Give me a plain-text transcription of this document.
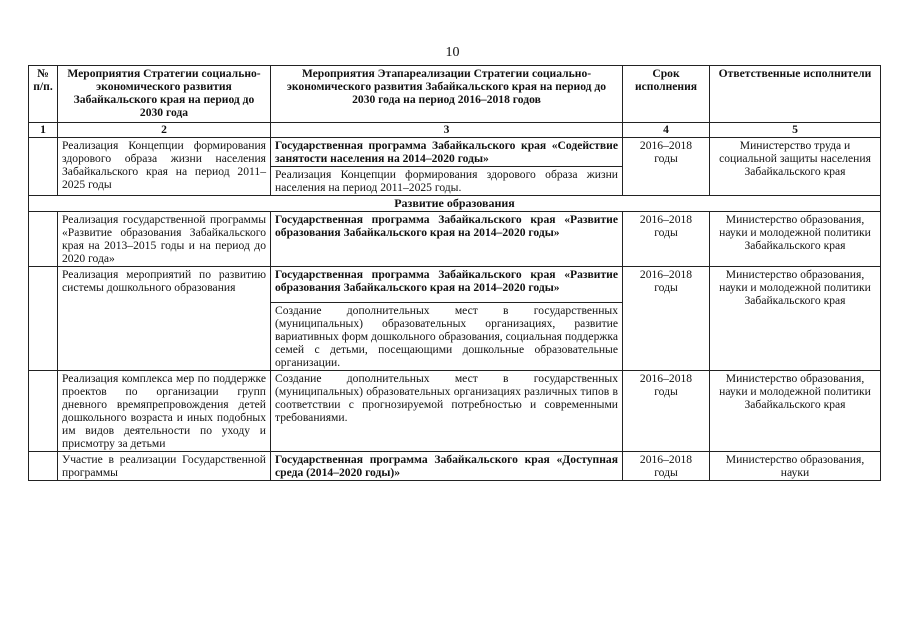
10
№
п/п.	Мероприятия Стратегии социально-экономического развития Забайкальского края на период до 2030 года	Мероприятия Этапареализации Стратегии социально-экономического развития Забайкальского края на период до 2030 года на период 2016–2018 годов	Срок исполнения	Ответственные исполнители
1	2	3	4	5
	Реализация Концепции формирования здорового образа жизни населения Забайкальского края на период 2011–2025 годы	Государственная программа Забайкальского края «Содействие занятости населения на 2014–2020 годы»
Реализация Концепции формирования здорового образа жизни населения на период 2011–2025 годы.	2016–2018 годы	Министерство труда и социальной защиты населения Забайкальского края
Развитие образования				
	Реализация государственной программы «Развитие образования Забайкальского края на 2013–2015 годы и на период до 2020 года»	Государственная программа Забайкальского края «Развитие образования Забайкальского края на 2014–2020 годы»	2016–2018 годы	Министерство образования, науки и молодежной политики Забайкальского края
	Реализация мероприятий по развитию системы дошкольного образования	Государственная программа Забайкальского края «Развитие образования Забайкальского края на 2014–2020 годы»
Создание дополнительных мест в государственных (муниципальных) образовательных организациях, развитие вариативных форм дошкольного образования, социальная поддержка семей с детьми, посещающими дошкольные образовательные организации.	2016–2018 годы	Министерство образования, науки и молодежной политики Забайкальского края
	Реализация комплекса мер по поддержке проектов по организации групп дневного времяпрепровождения детей дошкольного возраста и иных подобных им видов деятельности по уходу и присмотру за детьми	Создание дополнительных мест в государственных (муниципальных) образовательных организациях различных типов в соответствии с прогнозируемой потребностью и современными требованиями.	2016–2018 годы	Министерство образования, науки и молодежной политики Забайкальского края
	Участие в реализации Государственной программы	Государственная программа Забайкальского края «Доступная среда (2014–2020 годы)»	2016–2018 годы	Министерство образования, науки
